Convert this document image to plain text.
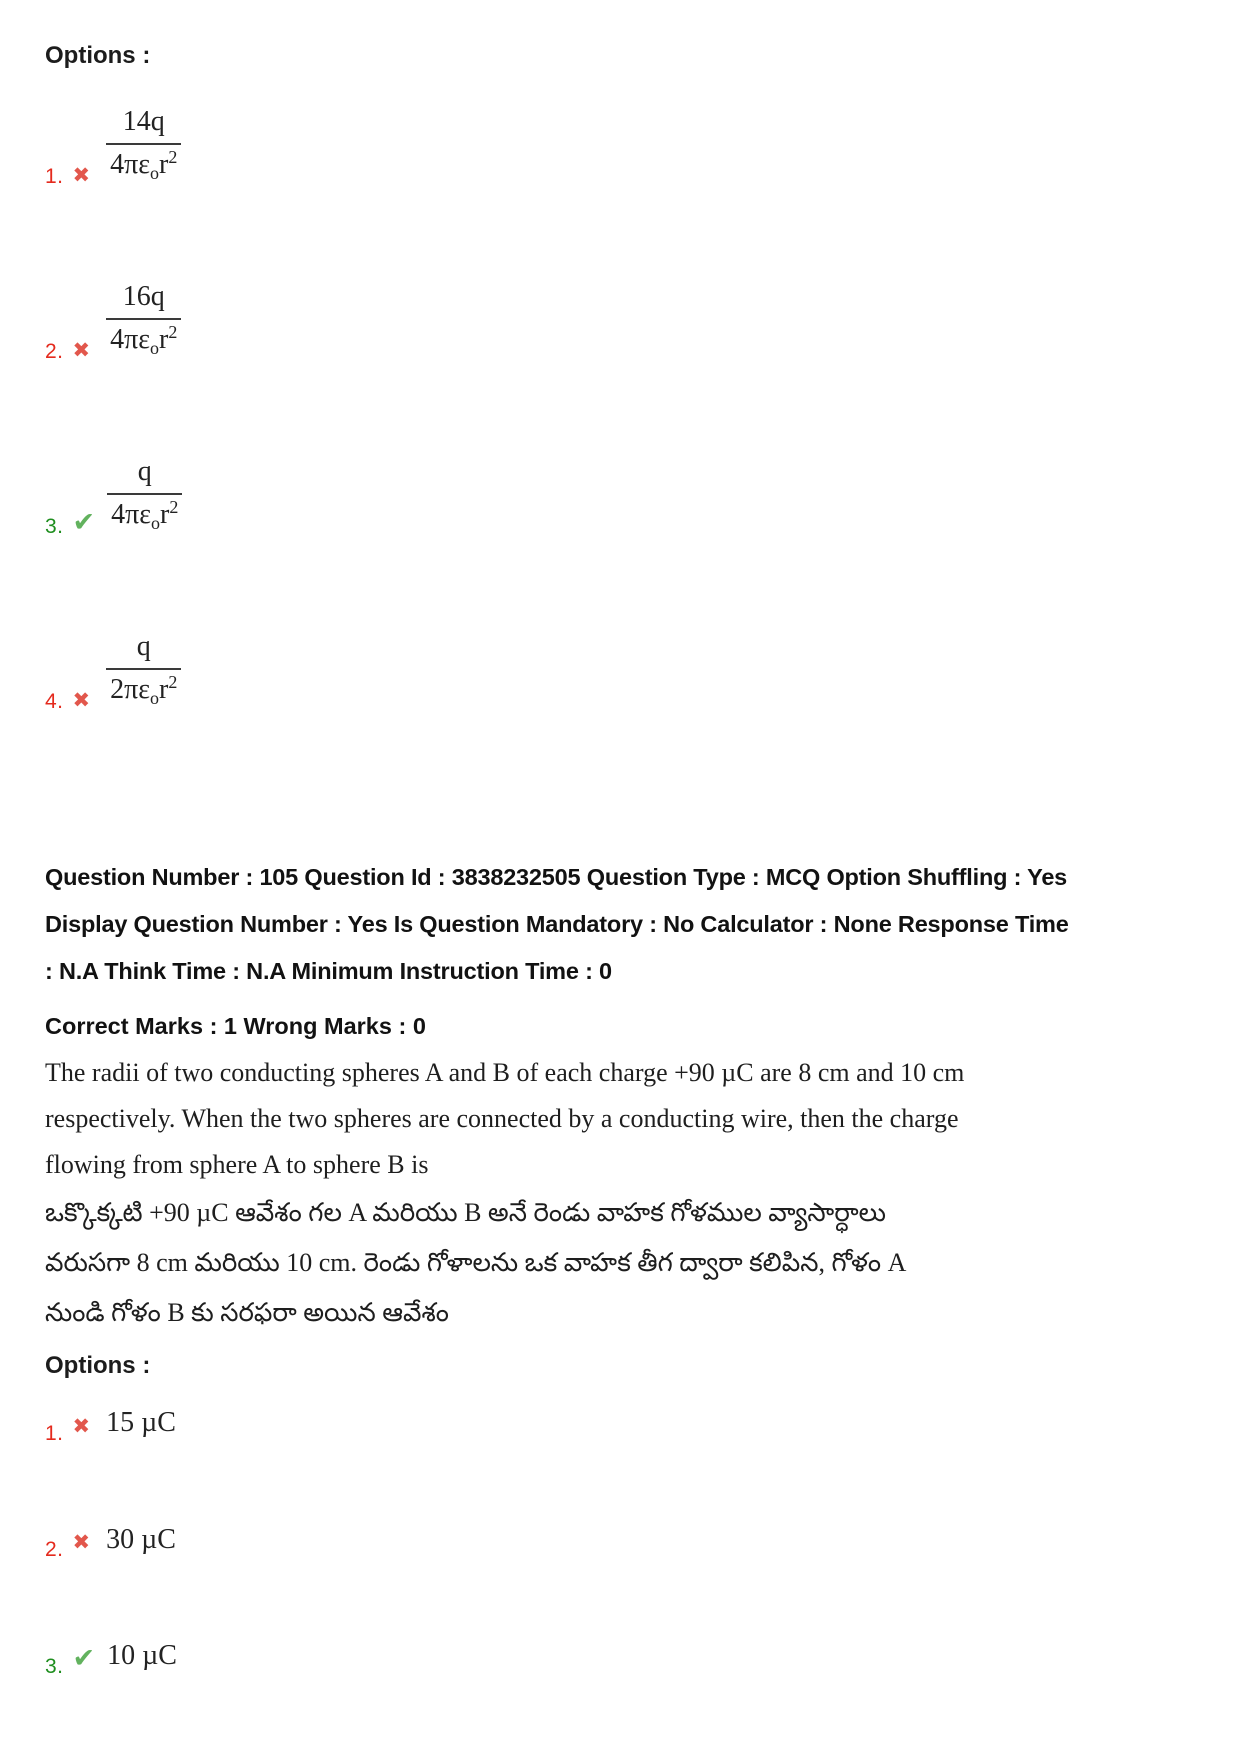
Options :
1. ✖ $\frac{14q}{4\pi\varepsilon_or^2}$
2. ✖ $\frac{16q}{4\pi\varepsilon_or^2}$
3. ✔ $\frac{q}{4\pi\varepsilon_or^2}$
4. ✖ $\frac{q}{2\pi\varepsilon_or^2}$
Question Number : 105 Question Id : 3838232505 Question Type : MCQ Option Shuffling : Yes
Display Question Number : Yes Is Question Mandatory : No Calculator : None Response Time
: N.A Think Time : N.A Minimum Instruction Time : 0
Correct Marks : 1 Wrong Marks : 0
The radii of two conducting spheres A and B of each charge +90 µC are 8 cm and 10 cm
respectively. When the two spheres are connected by a conducting wire, then the charge
flowing from sphere A to sphere B is
ఒక్కొక్కటి +90 µC ఆవేశం గల A మరియు B అనే రెండు వాహక గోళముల వ్యాసార్ధాలు
వరుసగా 8 cm మరియు 10 cm. రెండు గోళాలను ఒక వాహక తీగ ద్వారా కలిపిన, గోళం A
నుండి గోళం B కు సరఫరా అయిన ఆవేశం
Options :
1. ✖ 15 µC
2. ✖ 30 µC
3. ✔ 10 µC
